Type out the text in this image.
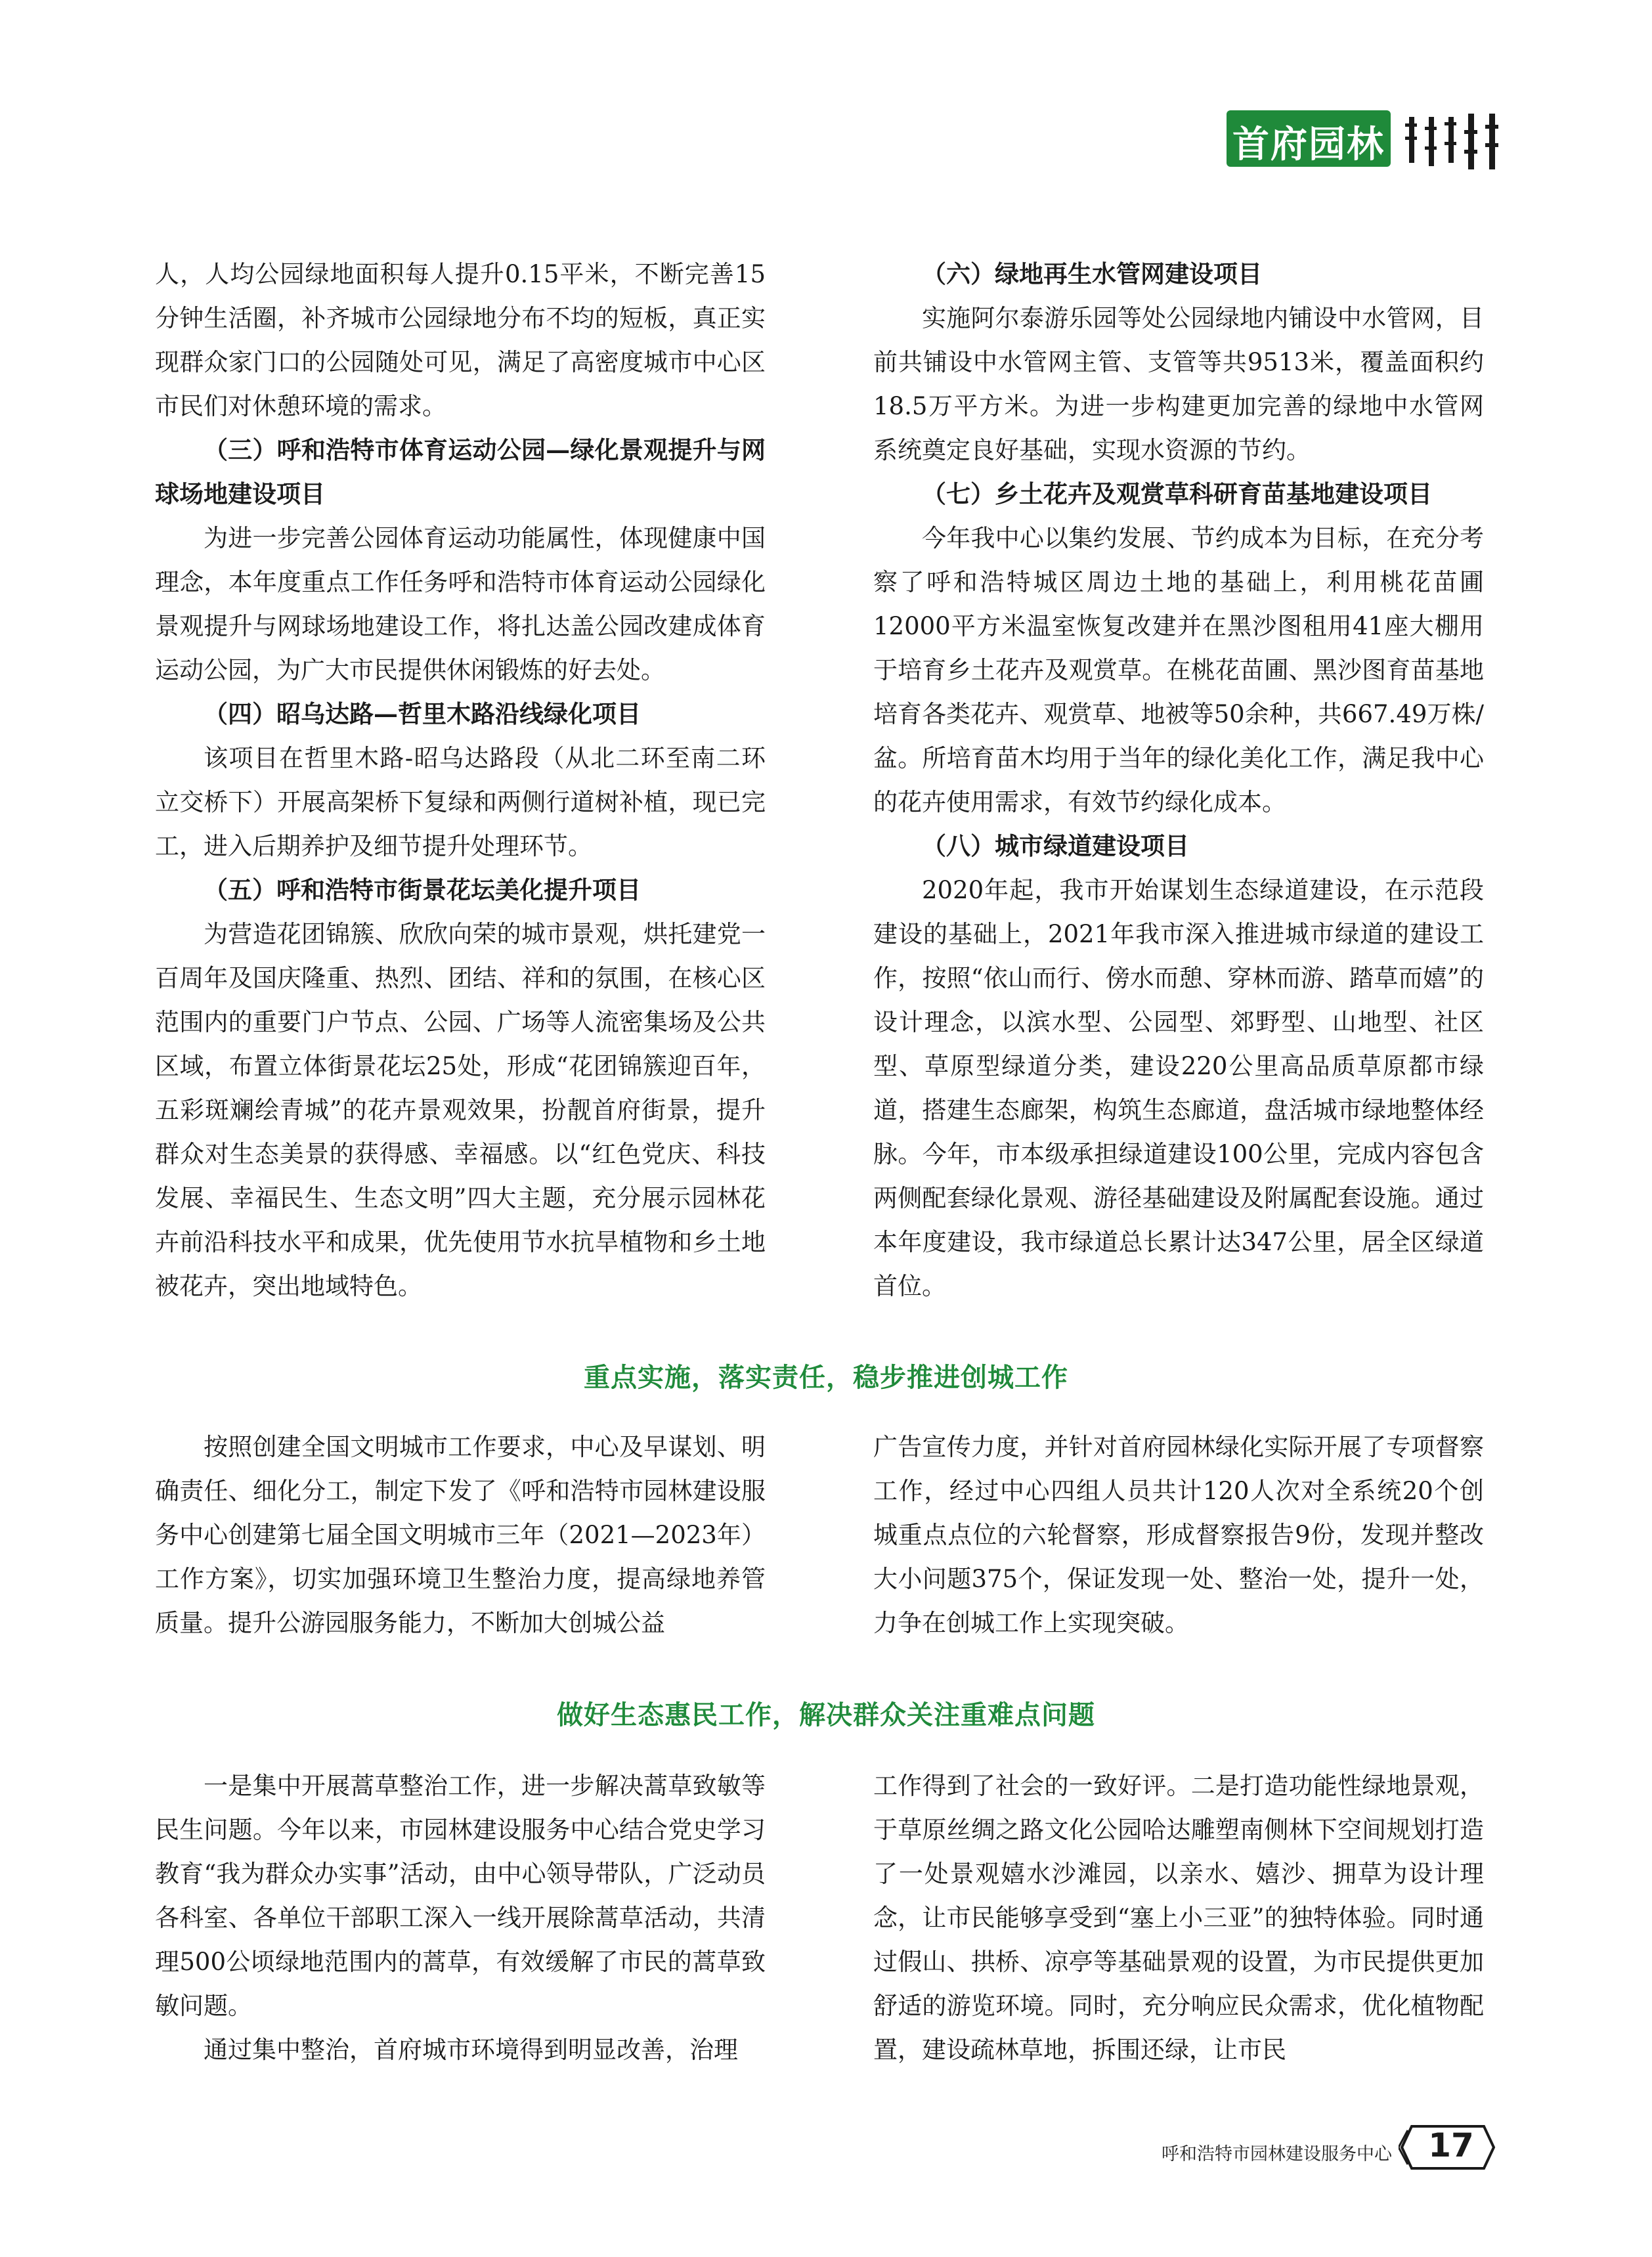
首府园林

人，人均公园绿地面积每人提升0.15平米，不断完善15分钟生活圈，补齐城市公园绿地分布不均的短板，真正实现群众家门口的公园随处可见，满足了高密度城市中心区市民们对休憩环境的需求。

（三）呼和浩特市体育运动公园—绿化景观提升与网球场地建设项目

为进一步完善公园体育运动功能属性，体现健康中国理念，本年度重点工作任务呼和浩特市体育运动公园绿化景观提升与网球场地建设工作，将扎达盖公园改建成体育运动公园，为广大市民提供休闲锻炼的好去处。

（四）昭乌达路—哲里木路沿线绿化项目

该项目在哲里木路-昭乌达路段（从北二环至南二环立交桥下）开展高架桥下复绿和两侧行道树补植，现已完工，进入后期养护及细节提升处理环节。

（五）呼和浩特市街景花坛美化提升项目

为营造花团锦簇、欣欣向荣的城市景观，烘托建党一百周年及国庆隆重、热烈、团结、祥和的氛围，在核心区范围内的重要门户节点、公园、广场等人流密集场及公共区域，布置立体街景花坛25处，形成“花团锦簇迎百年，五彩斑斓绘青城”的花卉景观效果，扮靓首府街景，提升群众对生态美景的获得感、幸福感。以“红色党庆、科技发展、幸福民生、生态文明”四大主题，充分展示园林花卉前沿科技水平和成果，优先使用节水抗旱植物和乡土地被花卉，突出地域特色。

（六）绿地再生水管网建设项目

实施阿尔泰游乐园等处公园绿地内铺设中水管网，目前共铺设中水管网主管、支管等共9513米，覆盖面积约18.5万平方米。为进一步构建更加完善的绿地中水管网系统奠定良好基础，实现水资源的节约。

（七）乡土花卉及观赏草科研育苗基地建设项目

今年我中心以集约发展、节约成本为目标，在充分考察了呼和浩特城区周边土地的基础上，利用桃花苗圃12000平方米温室恢复改建并在黑沙图租用41座大棚用于培育乡土花卉及观赏草。在桃花苗圃、黑沙图育苗基地培育各类花卉、观赏草、地被等50余种，共667.49万株/盆。所培育苗木均用于当年的绿化美化工作，满足我中心的花卉使用需求，有效节约绿化成本。

（八）城市绿道建设项目

2020年起，我市开始谋划生态绿道建设，在示范段建设的基础上，2021年我市深入推进城市绿道的建设工作，按照“依山而行、傍水而憩、穿林而游、踏草而嬉”的设计理念，以滨水型、公园型、郊野型、山地型、社区型、草原型绿道分类，建设220公里高品质草原都市绿道，搭建生态廊架，构筑生态廊道，盘活城市绿地整体经脉。今年，市本级承担绿道建设100公里，完成内容包含两侧配套绿化景观、游径基础建设及附属配套设施。通过本年度建设，我市绿道总长累计达347公里，居全区绿道首位。

重点实施，落实责任，稳步推进创城工作

按照创建全国文明城市工作要求，中心及早谋划、明确责任、细化分工，制定下发了《呼和浩特市园林建设服务中心创建第七届全国文明城市三年（2021—2023年）工作方案》，切实加强环境卫生整治力度，提高绿地养管质量。提升公游园服务能力，不断加大创城公益

广告宣传力度，并针对首府园林绿化实际开展了专项督察工作，经过中心四组人员共计120人次对全系统20个创城重点点位的六轮督察，形成督察报告9份，发现并整改大小问题375个，保证发现一处、整治一处，提升一处，力争在创城工作上实现突破。

做好生态惠民工作，解决群众关注重难点问题

一是集中开展蒿草整治工作，进一步解决蒿草致敏等民生问题。今年以来，市园林建设服务中心结合党史学习教育“我为群众办实事”活动，由中心领导带队，广泛动员各科室、各单位干部职工深入一线开展除蒿草活动，共清理500公顷绿地范围内的蒿草，有效缓解了市民的蒿草致敏问题。

通过集中整治，首府城市环境得到明显改善，治理

工作得到了社会的一致好评。二是打造功能性绿地景观，于草原丝绸之路文化公园哈达雕塑南侧林下空间规划打造了一处景观嬉水沙滩园，以亲水、嬉沙、拥草为设计理念，让市民能够享受到“塞上小三亚”的独特体验。同时通过假山、拱桥、凉亭等基础景观的设置，为市民提供更加舒适的游览环境。同时，充分响应民众需求，优化植物配置，建设疏林草地，拆围还绿，让市民

呼和浩特市园林建设服务中心	17
